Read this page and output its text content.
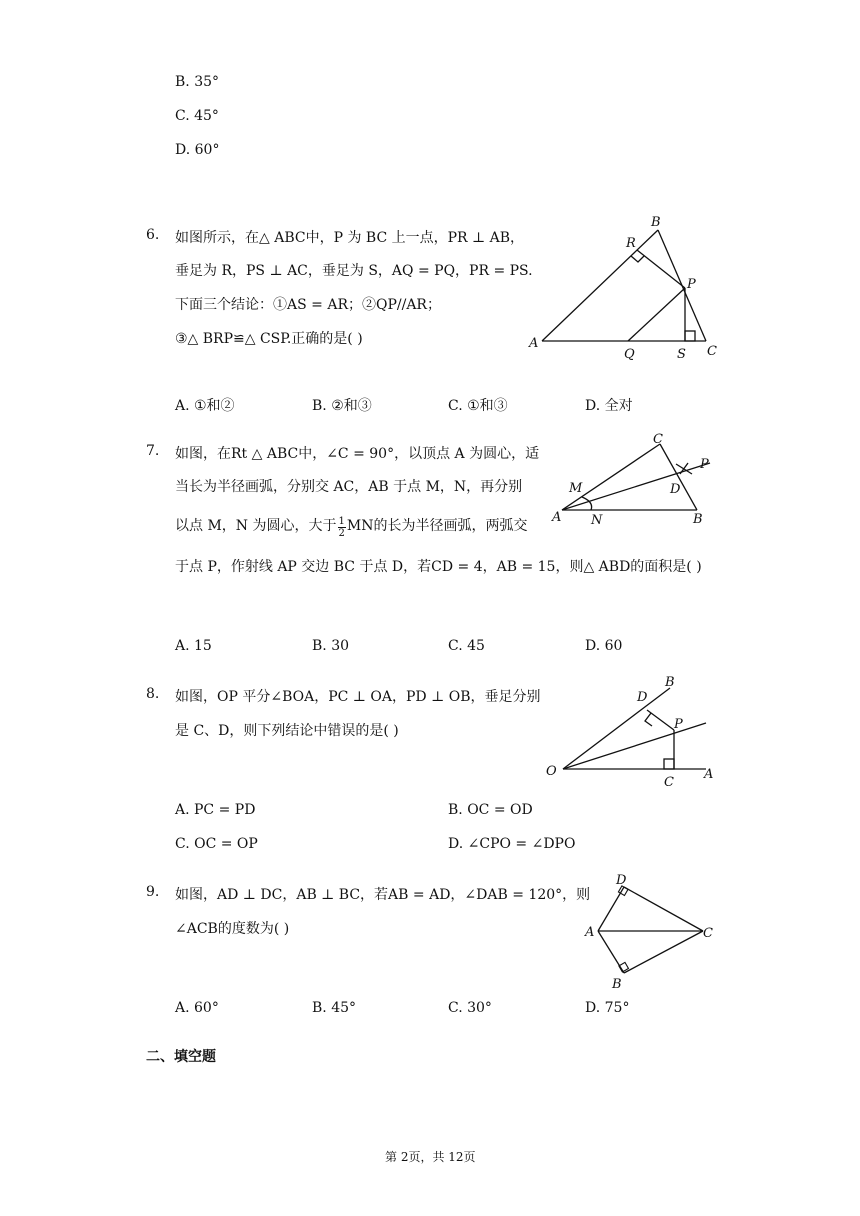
B. 35°
C. 45°
D. 60°
6. 如图所示，在△ ABC中，P 为 BC 上一点，PR ⊥ AB，
垂足为 R，PS ⊥ AC，垂足为 S，AQ = PQ，PR = PS.
下面三个结论：①AS = AR；②QP//AR；
③△ BRP≌△ CSP.正确的是( )
B
R
P
A
Q	S C
A. ①和②	B. ②和③	C. ①和③	D. 全对
7. 如图，在Rt △ ABC中，∠C = 90°，以顶点 A 为圆心，适
当长为半径画弧，分别交 AC，AB 于点 M，N，再分别
以点 M，N 为圆心，大于 $\frac{1}{2}$ MN的长为半径画弧，两弧交
于点 P，作射线 AP 交边 BC 于点 D，若CD = 4，AB = 15，则△ ABD的面积是( )
C
P
M	D
A N	B
A. 15	B. 30	C. 45	D. 60
8. 如图，OP 平分∠BOA，PC ⊥ OA，PD ⊥ OB，垂足分别
是 C、D，则下列结论中错误的是( )
B
D
P
O
C
A
A. PC = PD	B. OC = OD
C. OC = OP	D. ∠CPO = ∠DPO
9. 如图，AD ⊥ DC，AB ⊥ BC，若AB = AD，∠DAB = 120°，则
∠ACB的度数为( )
D
A	C
B
A. 60°	B. 45°	C. 30°	D. 75°
二、填空题
第 2页，共 12页
